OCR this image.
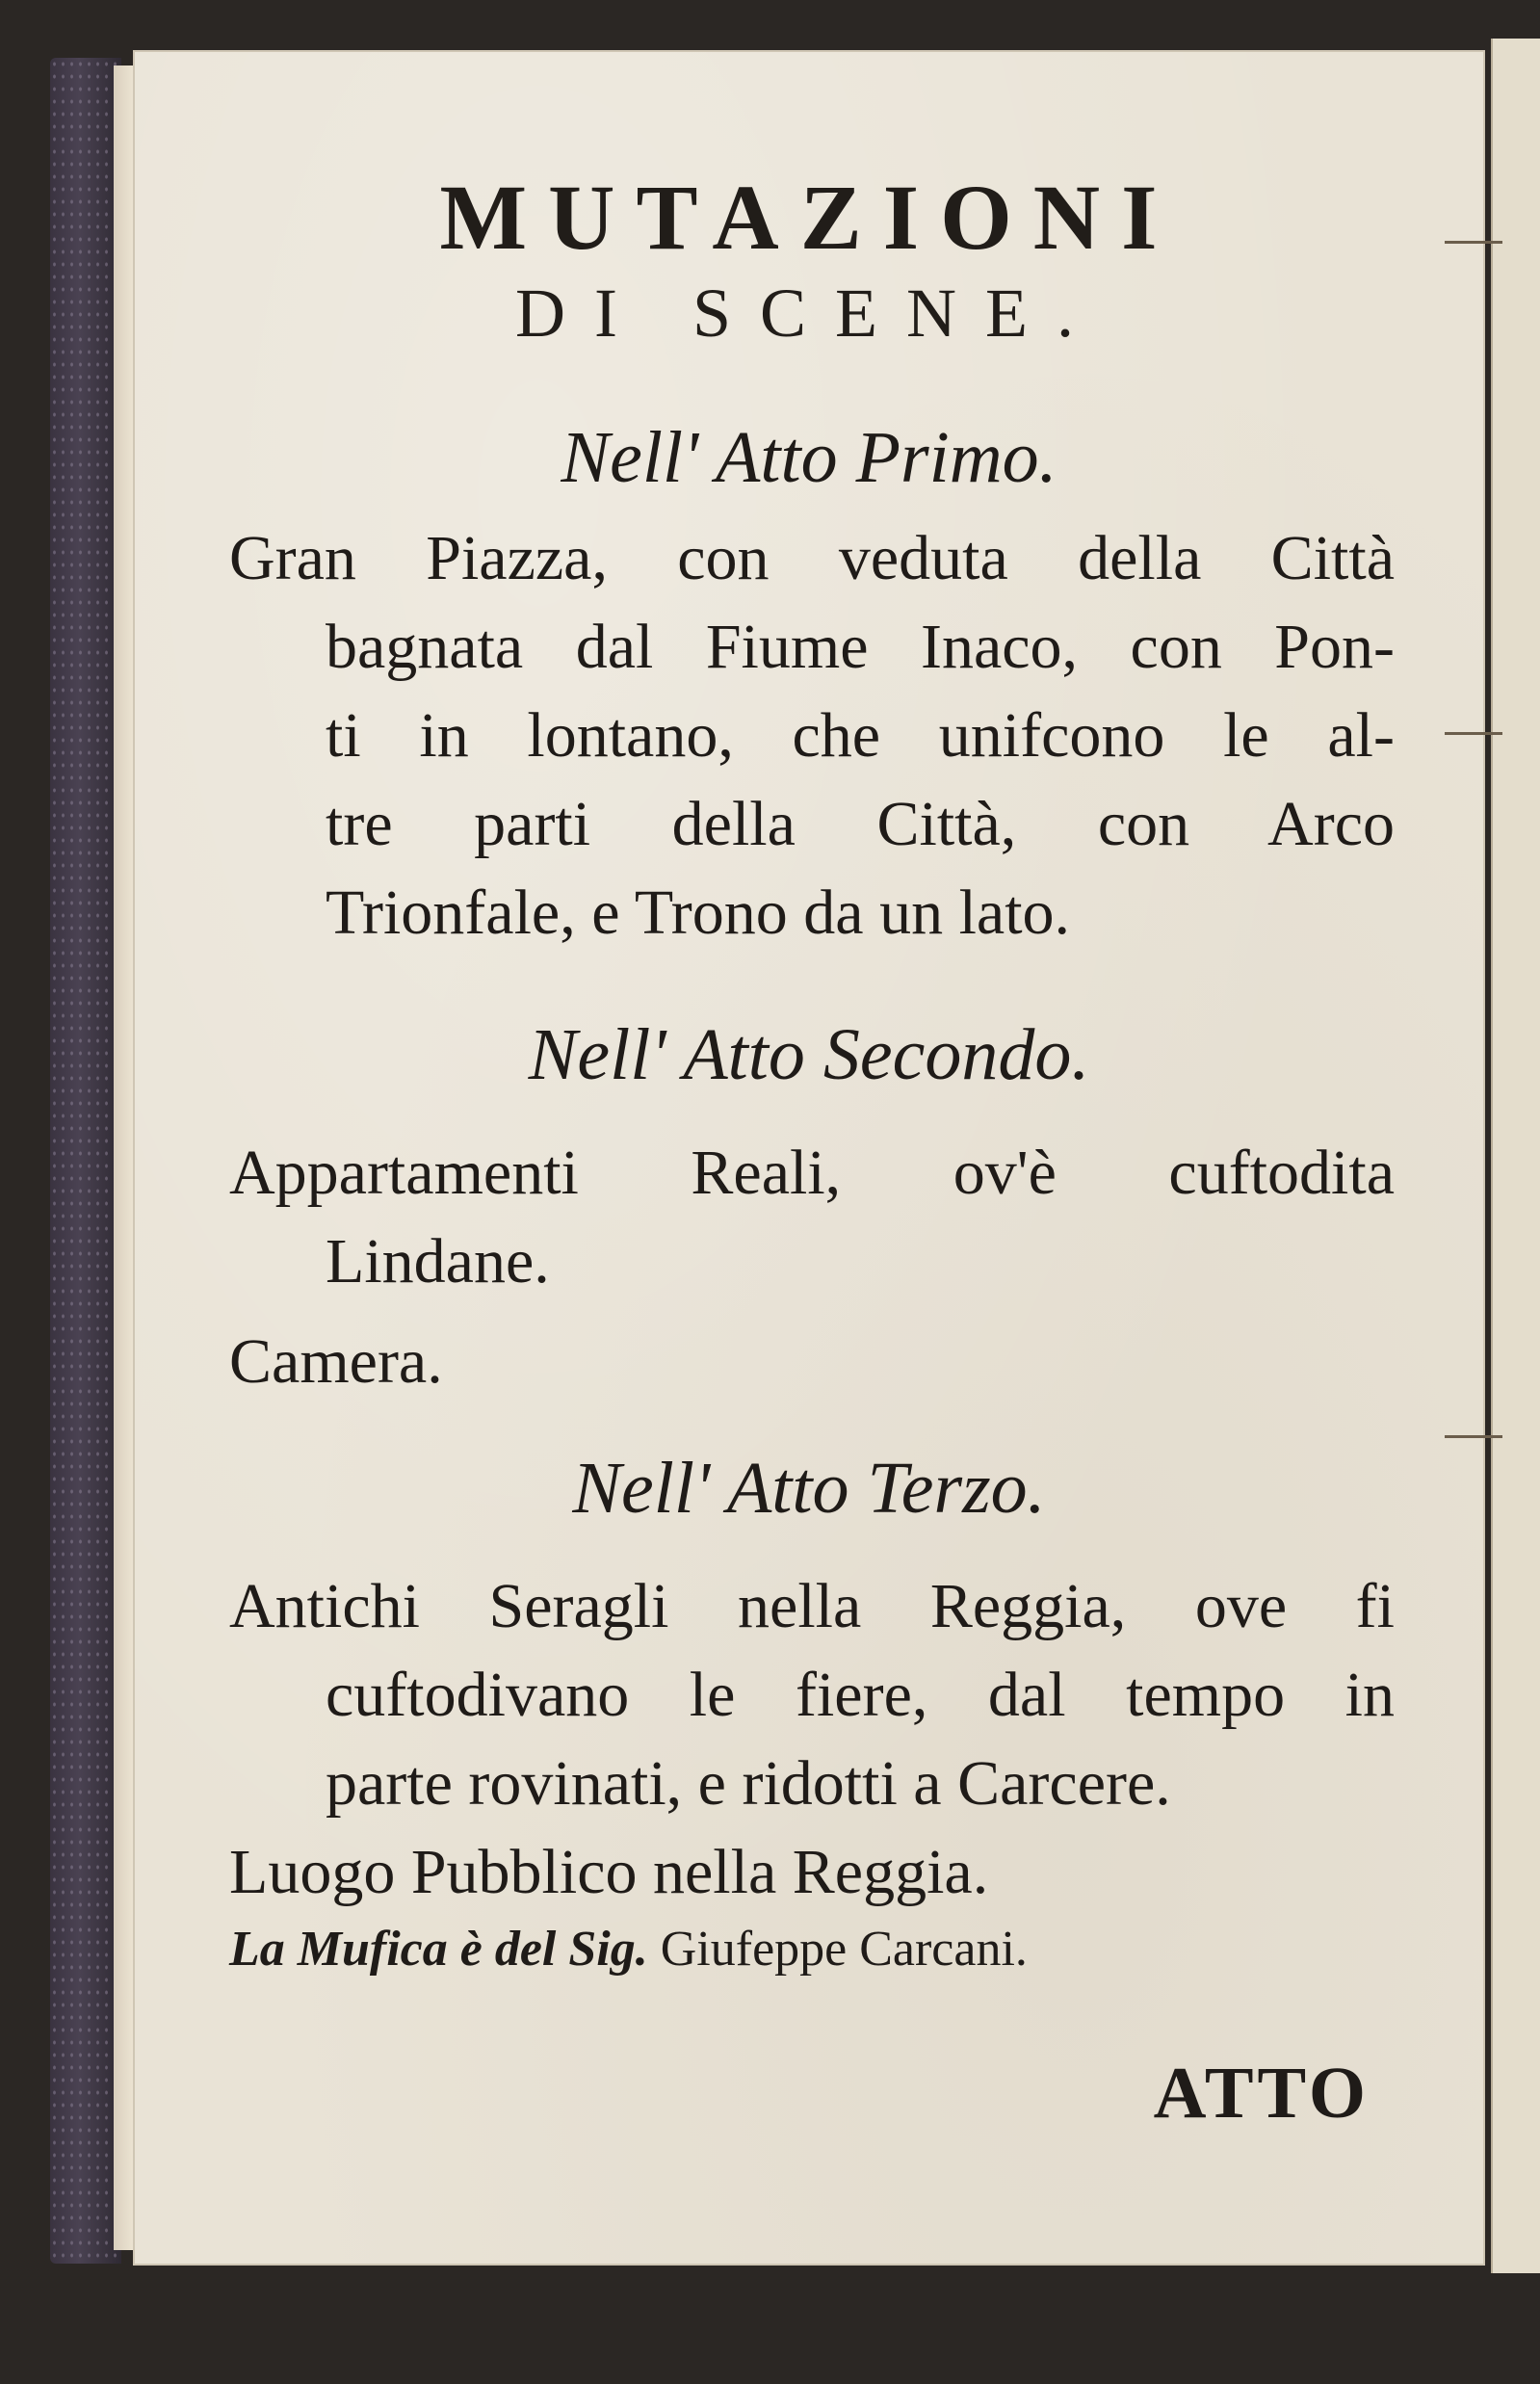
MUTAZIONI
DI SCENE.
Nell' Atto Primo.
Gran Piazza, con veduta della Città
bagnata dal Fiume Inaco, con Pon-
ti in lontano, che unifcono le al-
tre parti della Città, con Arco
Trionfale, e Trono da un lato.
Nell' Atto Secondo.
Appartamenti Reali, ov'è cuftodita
Lindane.
Camera.
Nell' Atto Terzo.
Antichi Seragli nella Reggia, ove fi
cuftodivano le fiere, dal tempo in
parte rovinati, e ridotti a Carcere.
Luogo Pubblico nella Reggia.
La Mufica è del Sig. Giufeppe Carcani.
ATTO
